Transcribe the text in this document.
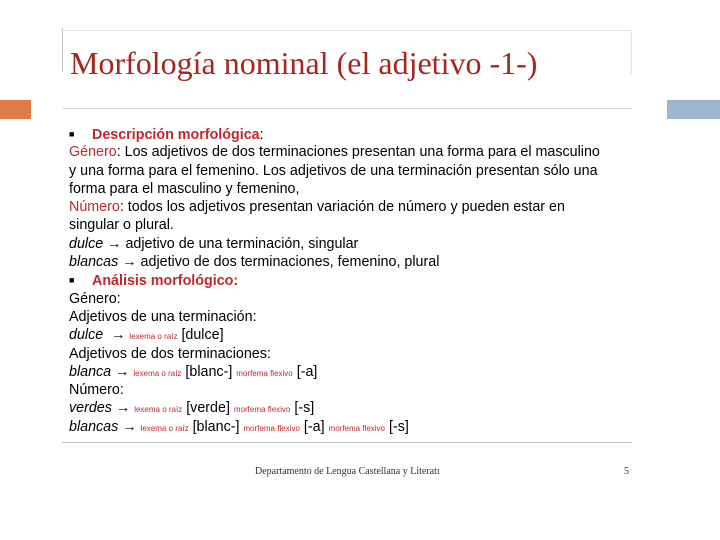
Morfología nominal (el adjetivo -1-)
■ Descripción morfológica:
Género: Los adjetivos de dos terminaciones presentan una forma para el masculino
y una forma para el femenino. Los adjetivos de una terminación presentan sólo una
forma para el masculino y femenino,
Número: todos los adjetivos presentan variación de número y pueden estar en
singular o plural.
dulce → adjetivo de una terminación, singular
blancas → adjetivo de dos terminaciones, femenino, plural
■ Análisis morfológico:
Género:
Adjetivos de una terminación:
dulce → lexema o raíz [dulce]
Adjetivos de dos terminaciones:
blanca → lexema o raíz [blanc-] morfema flexivo [-a]
Número:
verdes → lexema o raíz [verde] morfema flexivo [-s]
blancas → lexema o raíz [blanc-] morfema flexivo [-a] morfema flexivo [-s]
Departamento de Lengua Castellana y Literatı	5
